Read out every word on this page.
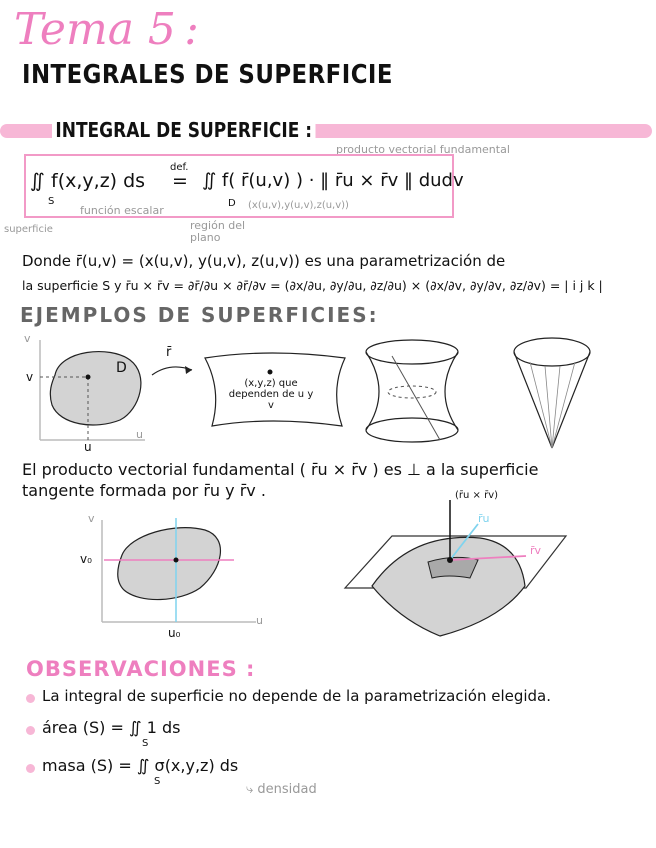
Tema 5 :
INTEGRALES DE SUPERFICIE
INTEGRAL DE SUPERFICIE :
producto vectorial fundamental
∬ f(x,y,z) ds
S
def.
= ∬ f( r̄(u,v) ) · ‖ r̄u × r̄v ‖ dudv
D
función escalar	(x(u,v),y(u,v),z(u,v))
superficie	región del plano
Donde r̄(u,v) = (x(u,v), y(u,v), z(u,v)) es una parametrización de
la superficie S y r̄u × r̄v = ∂r̄/∂u × ∂r̄/∂v = (∂x/∂u, ∂y/∂u, ∂z/∂u) × (∂x/∂v, ∂y/∂v, ∂z/∂v) = | i j k |
EJEMPLOS DE SUPERFICIES:
v
v
u
u
D
r̄
(x,y,z) que dependen de u y v
El producto vectorial fundamental ( r̄u × r̄v ) es ⊥ a la superficie
tangente formada por r̄u y r̄v .
v
v₀
u₀
u
(r̄u × r̄v)
r̄u
r̄v
OBSERVACIONES :
La integral de superficie no depende de la parametrización elegida.
área (S) = ∬ 1 ds
S
masa (S) = ∬ σ(x,y,z) ds
S
⤷ densidad
